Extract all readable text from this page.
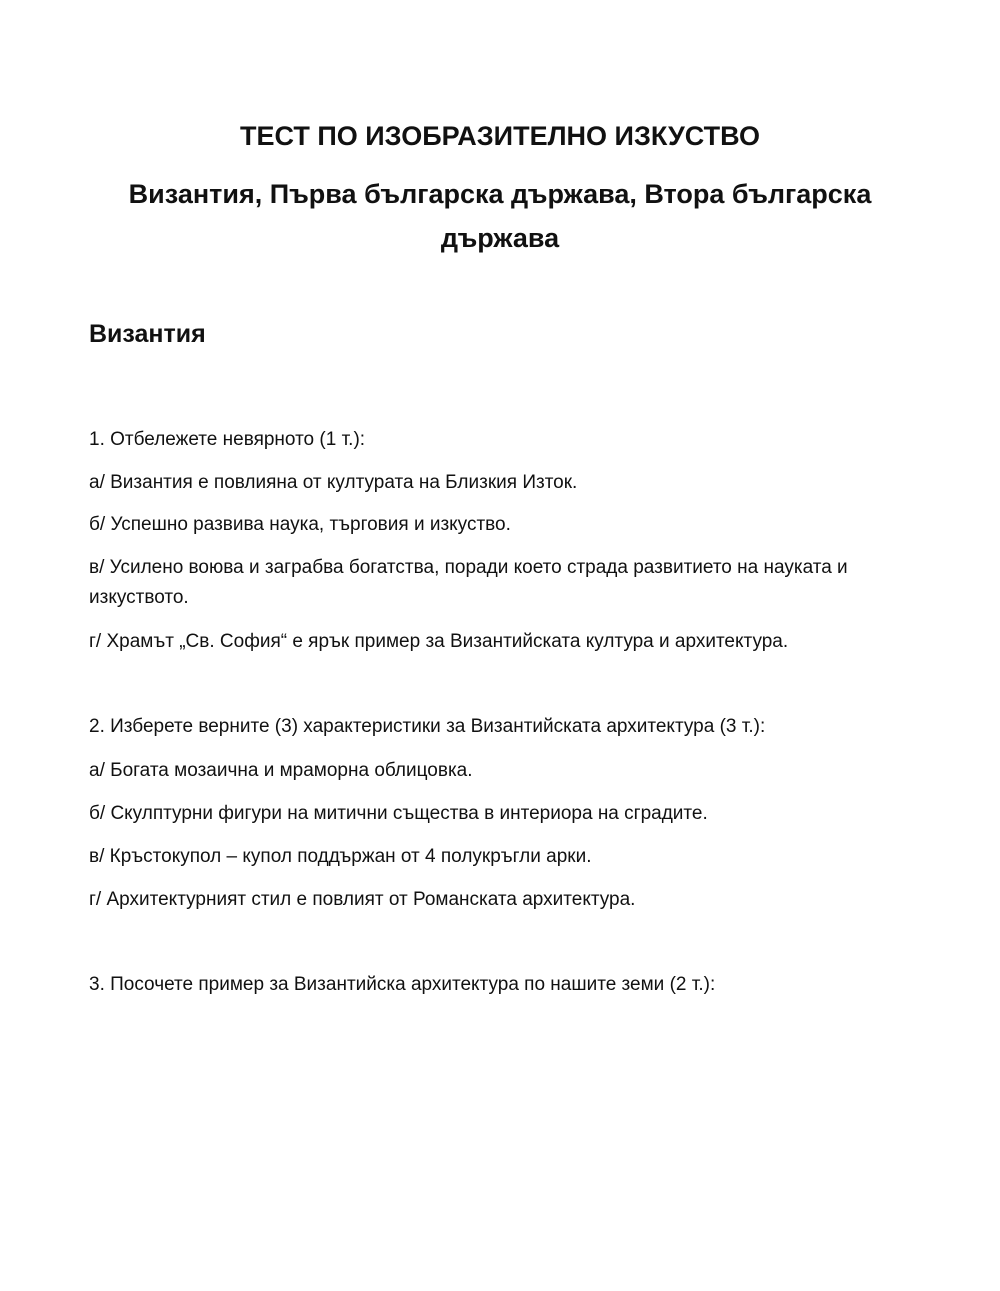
ТЕСТ ПО ИЗОБРАЗИТЕЛНО ИЗКУСТВО
Византия, Първа българска държава, Втора българска държава
Византия

1. Отбележете невярното (1 т.):

а/ Византия е повлияна от културата на Близкия Изток.

б/ Успешно развива наука, търговия и изкуство.

в/ Усилено воюва и заграбва богатства, поради което страда развитието на науката и изкуството.

г/ Храмът „Св. София“ е ярък пример за Византийската култура и архитектура.

2. Изберете верните (3) характеристики за Византийската архитектура (3 т.):

а/ Богата мозаична и мраморна облицовка.

б/ Скулптурни фигури на митични същества в интериора на сградите.

в/ Кръстокупол – купол поддържан от 4 полукръгли арки.

г/ Архитектурният стил е повлият от Романската архитектура.

3. Посочете пример за Византийска архитектура по нашите земи (2 т.):
